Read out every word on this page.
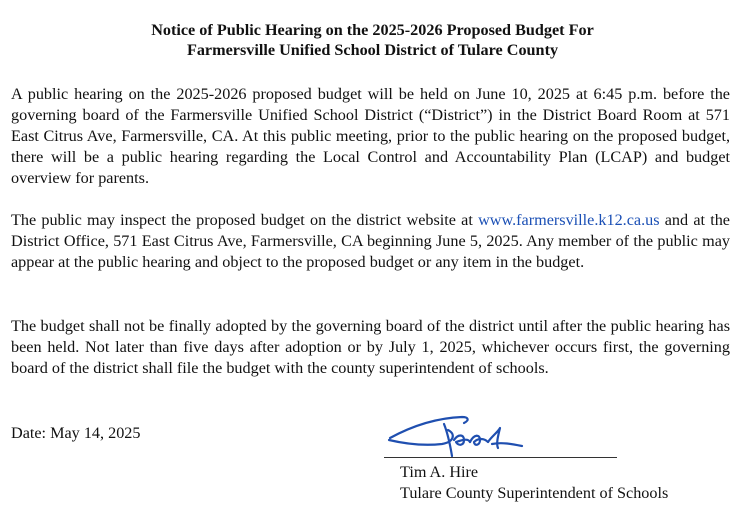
Notice of Public Hearing on the 2025-2026 Proposed Budget For

Farmersville Unified School District of Tulare County

A public hearing on the 2025-2026 proposed budget will be held on June 10, 2025 at 6:45 p.m. before the governing board of the Farmersville Unified School District (“District”) in the District Board Room at 571 East Citrus Ave, Farmersville, CA. At this public meeting, prior to the public hearing on the proposed budget, there will be a public hearing regarding the Local Control and Accountability Plan (LCAP) and budget overview for parents.

The public may inspect the proposed budget on the district website at www.farmersville.k12.ca.us and at the District Office, 571 East Citrus Ave, Farmersville, CA beginning June 5, 2025. Any member of the public may appear at the public hearing and object to the proposed budget or any item in the budget.

The budget shall not be finally adopted by the governing board of the district until after the public hearing has been held. Not later than five days after adoption or by July 1, 2025, whichever occurs first, the governing board of the district shall file the budget with the county superintendent of schools.

Date: May 14, 2025

Tim A. Hire

Tulare County Superintendent of Schools
